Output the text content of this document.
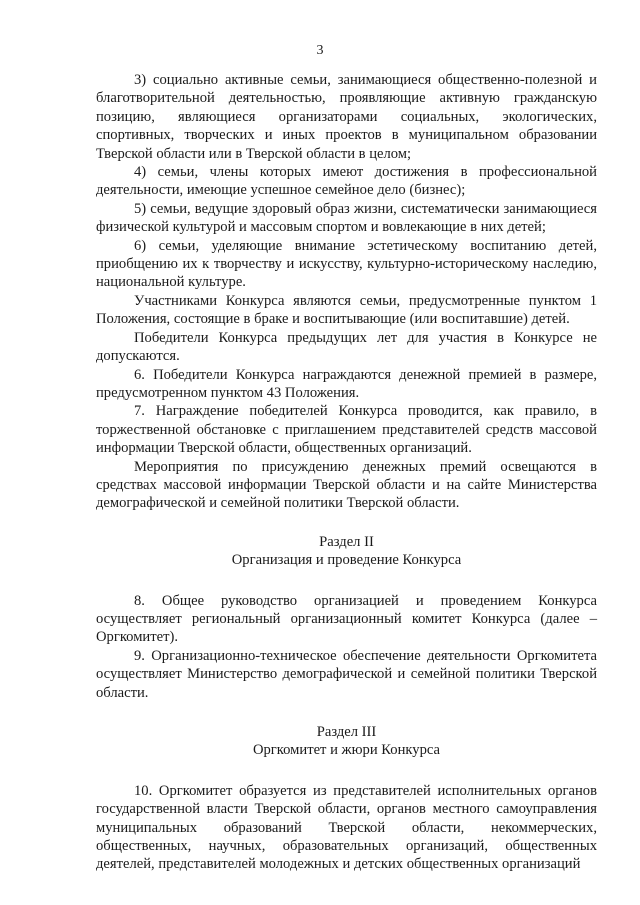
3

3) социально активные семьи, занимающиеся общественно-полезной и благотворительной деятельностью, проявляющие активную гражданскую позицию, являющиеся организаторами социальных, экологических, спортивных, творческих и иных проектов в муниципальном образовании Тверской области или в Тверской области в целом;

4) семьи, члены которых имеют достижения в профессиональной деятельности, имеющие успешное семейное дело (бизнес);

5) семьи, ведущие здоровый образ жизни, систематически занимающиеся физической культурой и массовым спортом и вовлекающие в них детей;

6) семьи, уделяющие внимание эстетическому воспитанию детей, приобщению их к творчеству и искусству, культурно-историческому наследию, национальной культуре.

Участниками Конкурса являются семьи, предусмотренные пунктом 1 Положения, состоящие в браке и воспитывающие (или воспитавшие) детей.

Победители Конкурса предыдущих лет для участия в Конкурсе не допускаются.

6. Победители Конкурса награждаются денежной премией в размере, предусмотренном пунктом 43 Положения.

7. Награждение победителей Конкурса проводится, как правило, в торжественной обстановке с приглашением представителей средств массовой информации Тверской области, общественных организаций.

Мероприятия по присуждению денежных премий освещаются в средствах массовой информации Тверской области и на сайте Министерства демографической и семейной политики Тверской области.

Раздел II
Организация и проведение Конкурса

8. Общее руководство организацией и проведением Конкурса осуществляет региональный организационный комитет Конкурса (далее – Оргкомитет).

9. Организационно-техническое обеспечение деятельности Оргкомитета осуществляет Министерство демографической и семейной политики Тверской области.

Раздел III
Оргкомитет и жюри Конкурса

10. Оргкомитет образуется из представителей исполнительных органов государственной власти Тверской области, органов местного самоуправления муниципальных образований Тверской области, некоммерческих, общественных, научных, образовательных организаций, общественных деятелей, представителей молодежных и детских общественных организаций
